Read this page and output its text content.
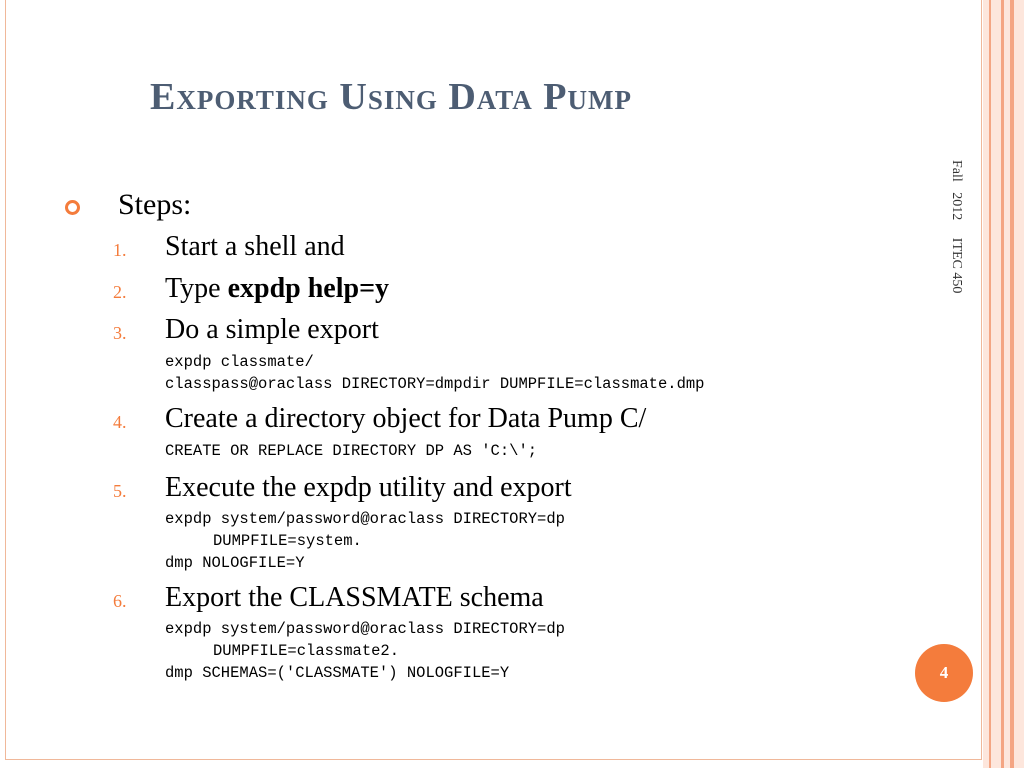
Exporting Using Data Pump
Fall   2012     ITEC 450
Steps:
1. Start a shell and
2. Type expdp help=y
3. Do a simple export
expdp classmate/
classpass@oraclass DIRECTORY=dmpdir DUMPFILE=classmate.dmp
4. Create a directory object for Data Pump C/
CREATE OR REPLACE DIRECTORY DP AS 'C:\';
5. Execute the expdp utility and export
expdp system/password@oraclass DIRECTORY=dp
DUMPFILE=system.
dmp NOLOGFILE=Y
6. Export the CLASSMATE schema
expdp system/password@oraclass DIRECTORY=dp
DUMPFILE=classmate2.
dmp SCHEMAS=('CLASSMATE') NOLOGFILE=Y	4
